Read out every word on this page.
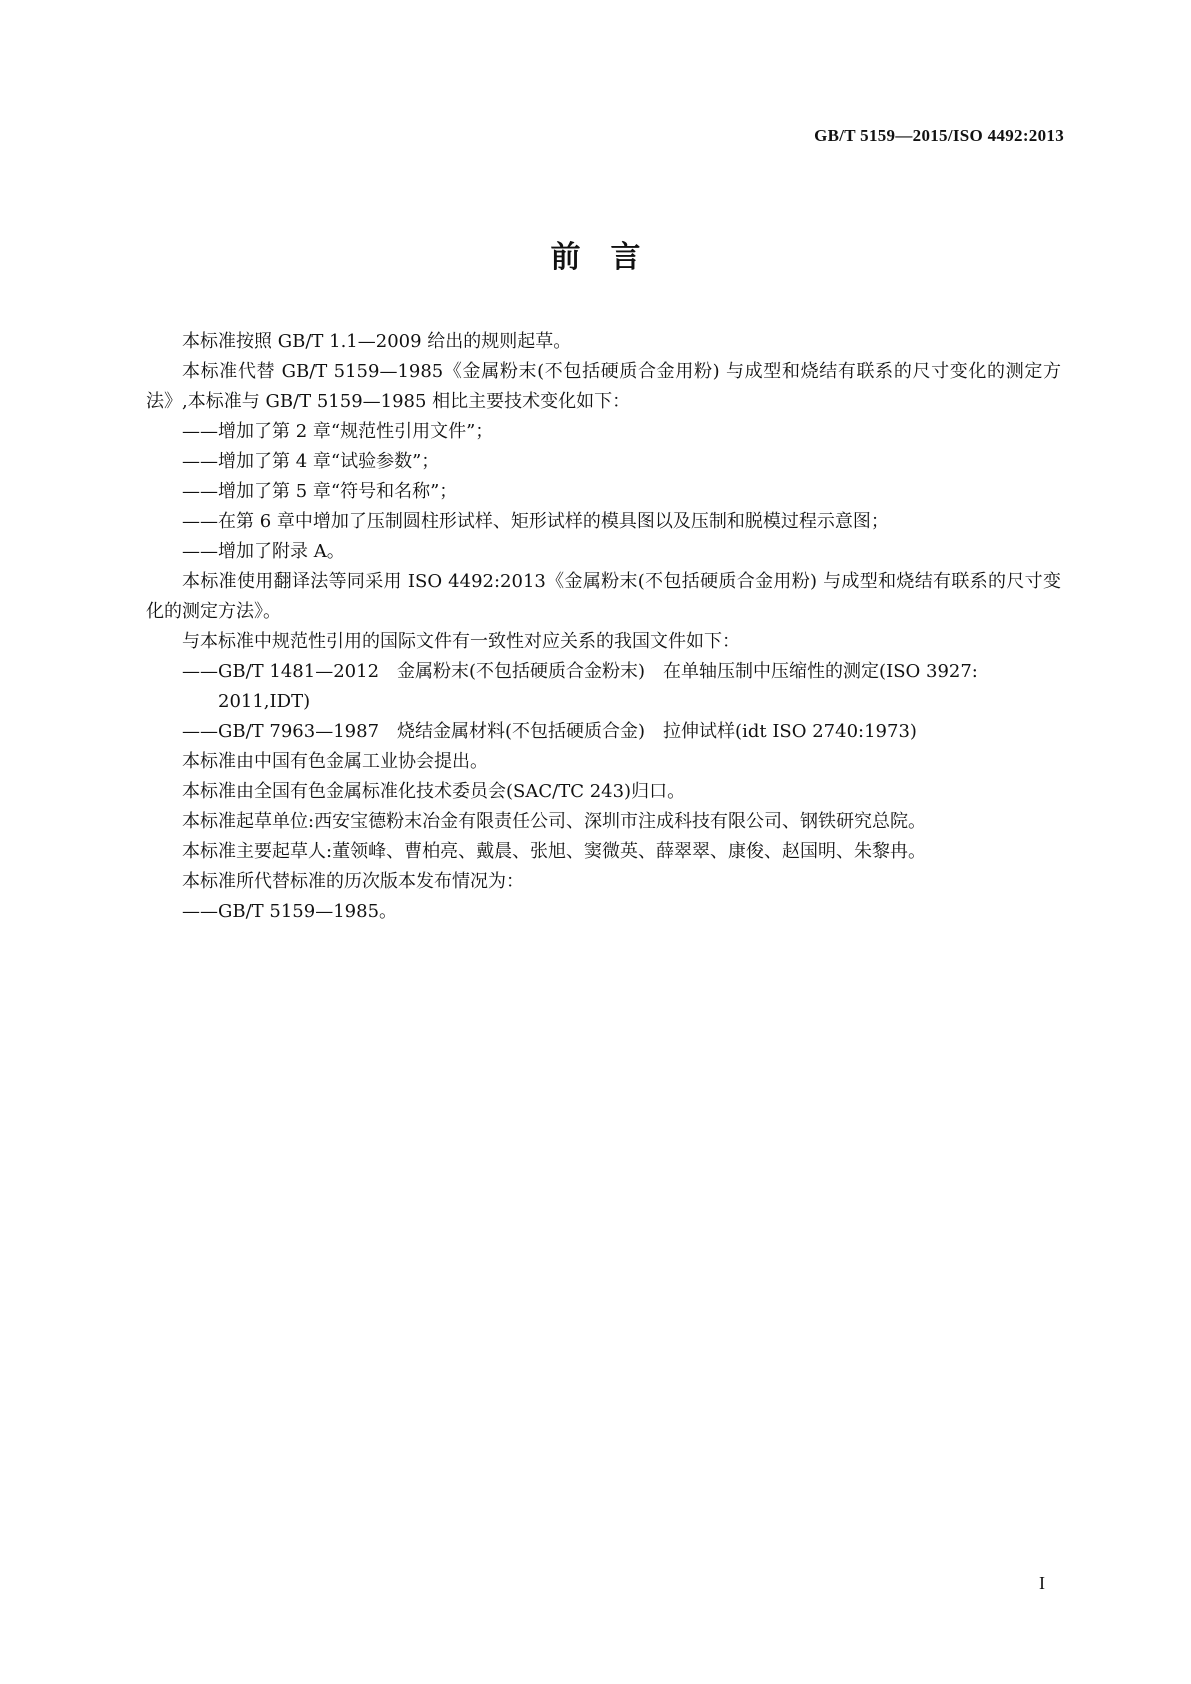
GB/T 5159—2015/ISO 4492:2013
前　言

本标准按照 GB/T 1.1—2009 给出的规则起草。

本标准代替 GB/T 5159—1985《金属粉末(不包括硬质合金用粉) 与成型和烧结有联系的尺寸变化的测定方法》,本标准与 GB/T 5159—1985 相比主要技术变化如下：

——增加了第 2 章“规范性引用文件”；

——增加了第 4 章“试验参数”；

——增加了第 5 章“符号和名称”；

——在第 6 章中增加了压制圆柱形试样、矩形试样的模具图以及压制和脱模过程示意图；

——增加了附录 A。

本标准使用翻译法等同采用 ISO 4492:2013《金属粉末(不包括硬质合金用粉) 与成型和烧结有联系的尺寸变化的测定方法》。

与本标准中规范性引用的国际文件有一致性对应关系的我国文件如下：

——GB/T 1481—2012　金属粉末(不包括硬质合金粉末)　在单轴压制中压缩性的测定(ISO 3927:
2011,IDT)

——GB/T 7963—1987　烧结金属材料(不包括硬质合金)　拉伸试样(idt ISO 2740:1973)

本标准由中国有色金属工业协会提出。

本标准由全国有色金属标准化技术委员会(SAC/TC 243)归口。

本标准起草单位:西安宝德粉末冶金有限责任公司、深圳市注成科技有限公司、钢铁研究总院。

本标准主要起草人:董领峰、曹柏亮、戴晨、张旭、窦微英、薛翠翠、康俊、赵国明、朱黎冉。

本标准所代替标准的历次版本发布情况为：

——GB/T 5159—1985。

I
